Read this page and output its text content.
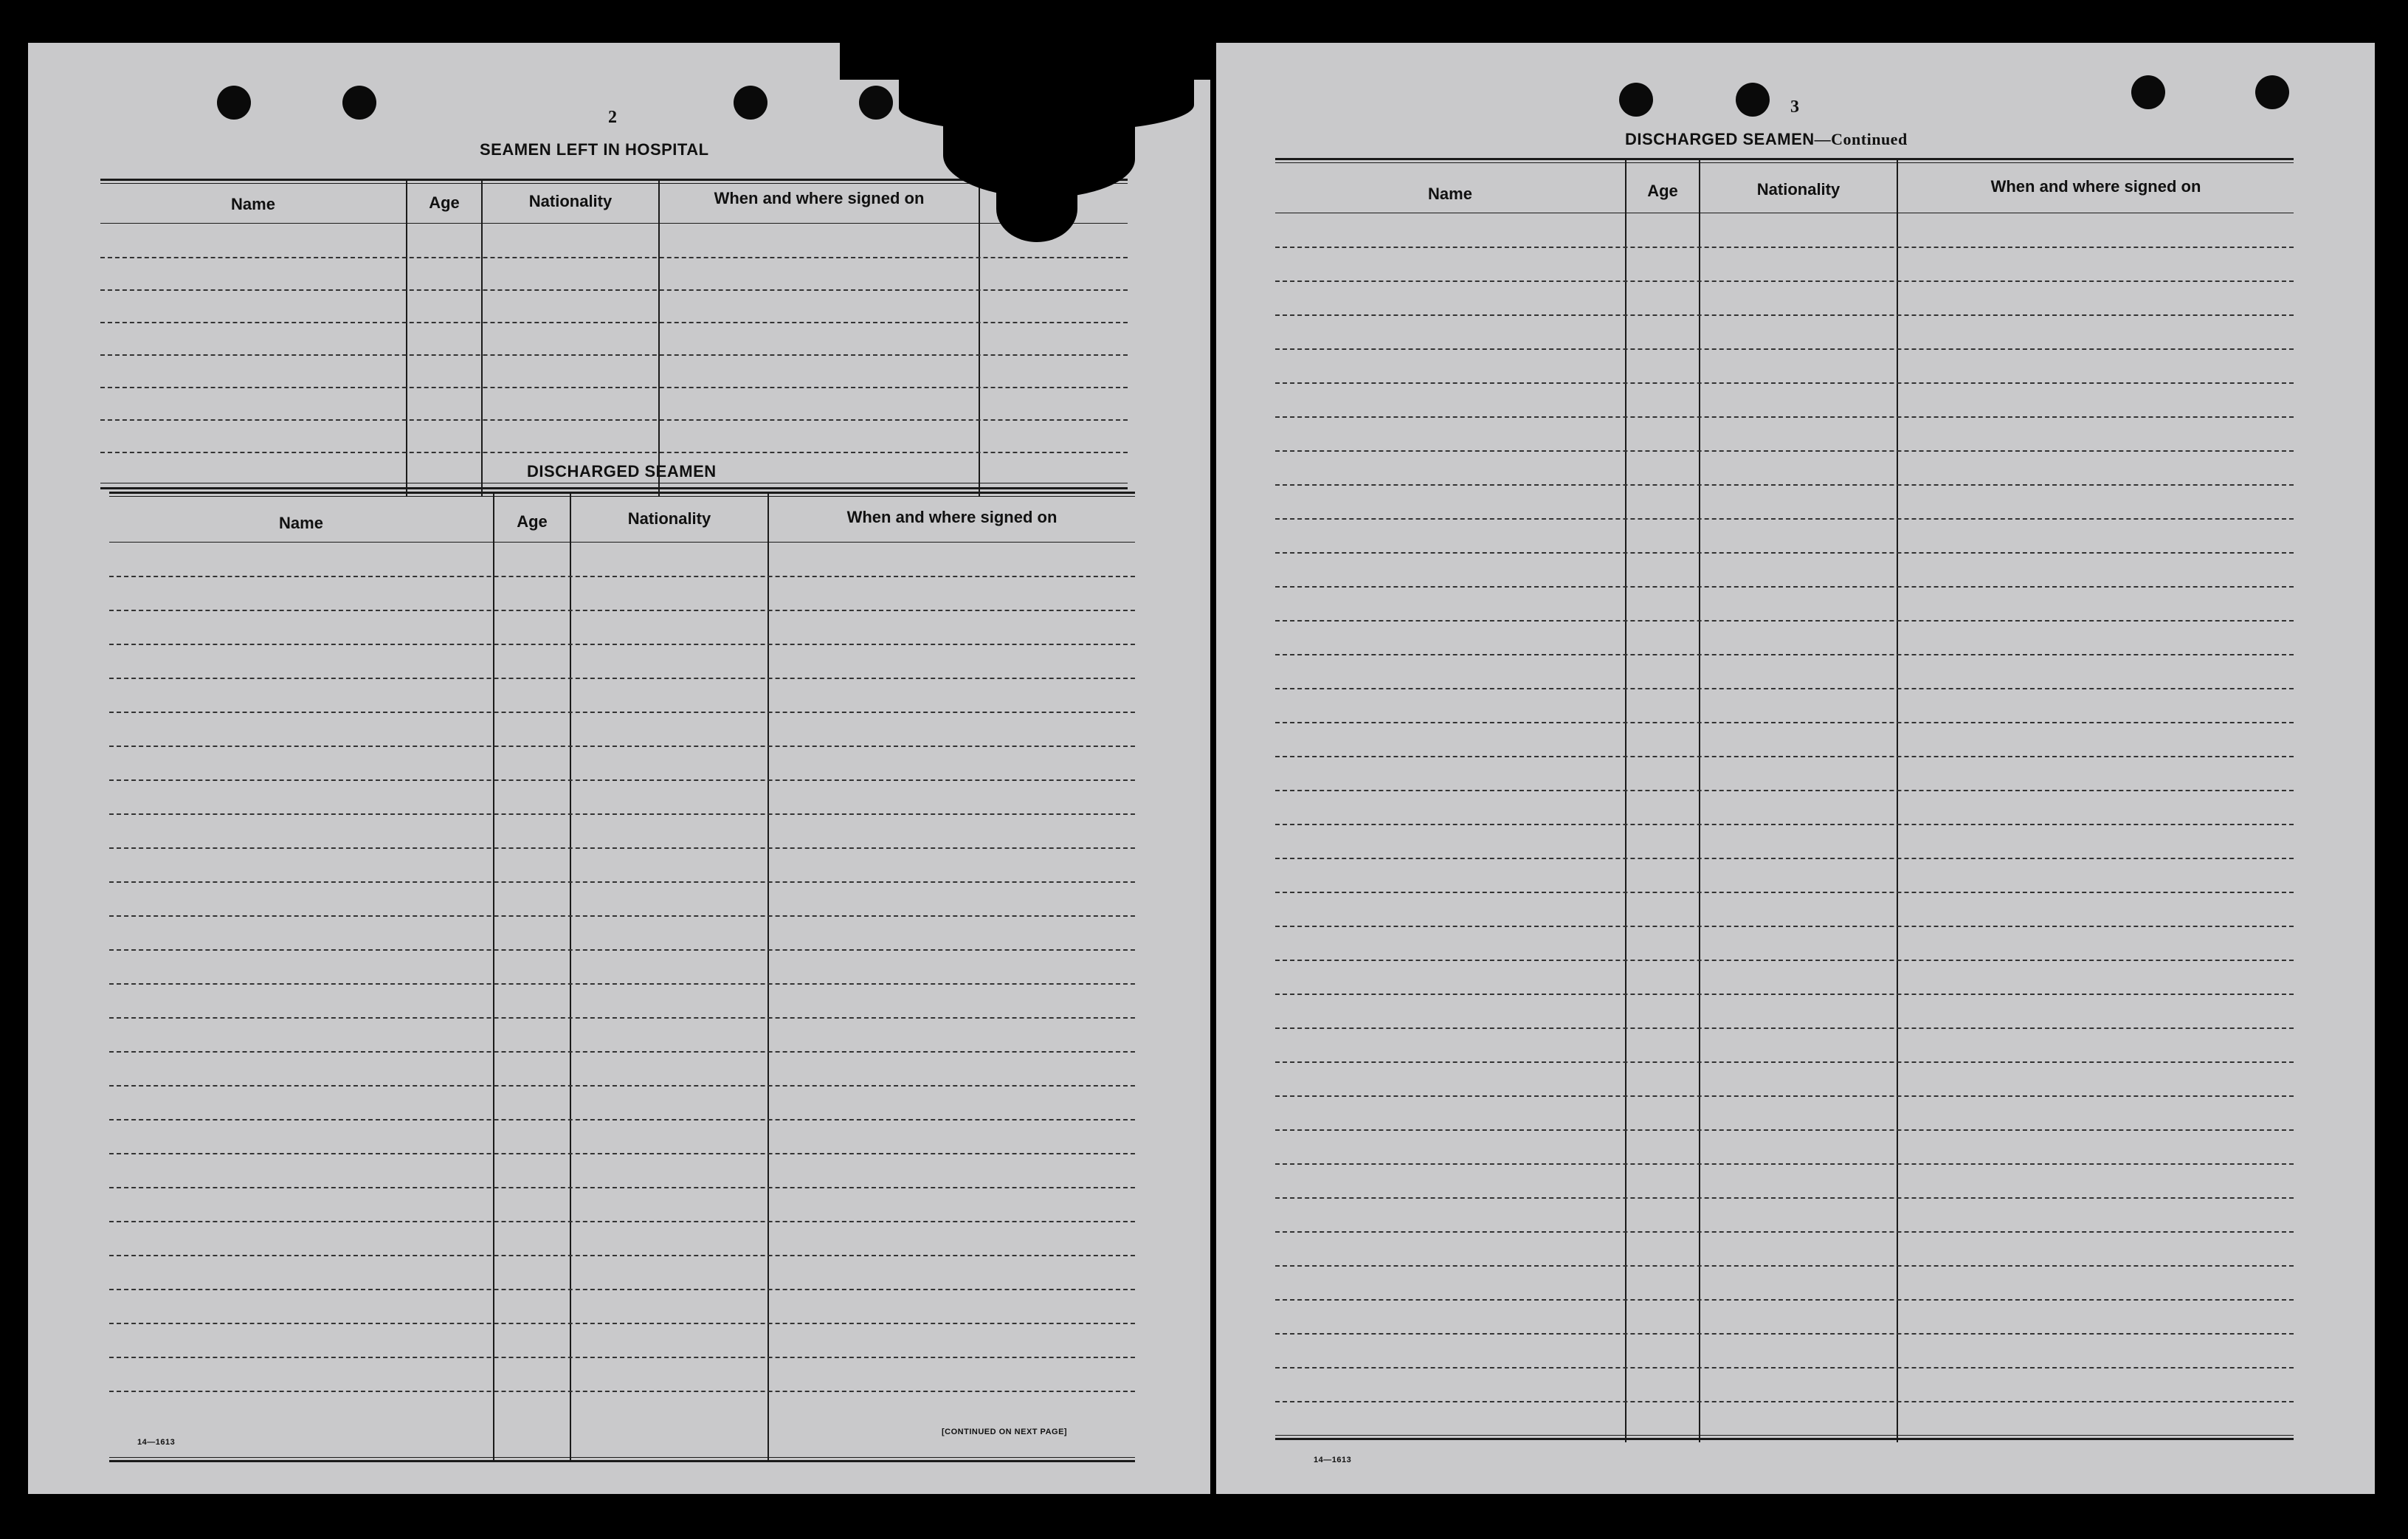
2
SEAMEN LEFT IN HOSPITAL
Name	Age	Nationality	When and where signed on
DISCHARGED SEAMEN
Name	Age	Nationality	When and where signed on
14—1613
[CONTINUED ON NEXT PAGE]
3
DISCHARGED SEAMEN—Continued
Name	Age	Nationality	When and where signed on
14—1613
